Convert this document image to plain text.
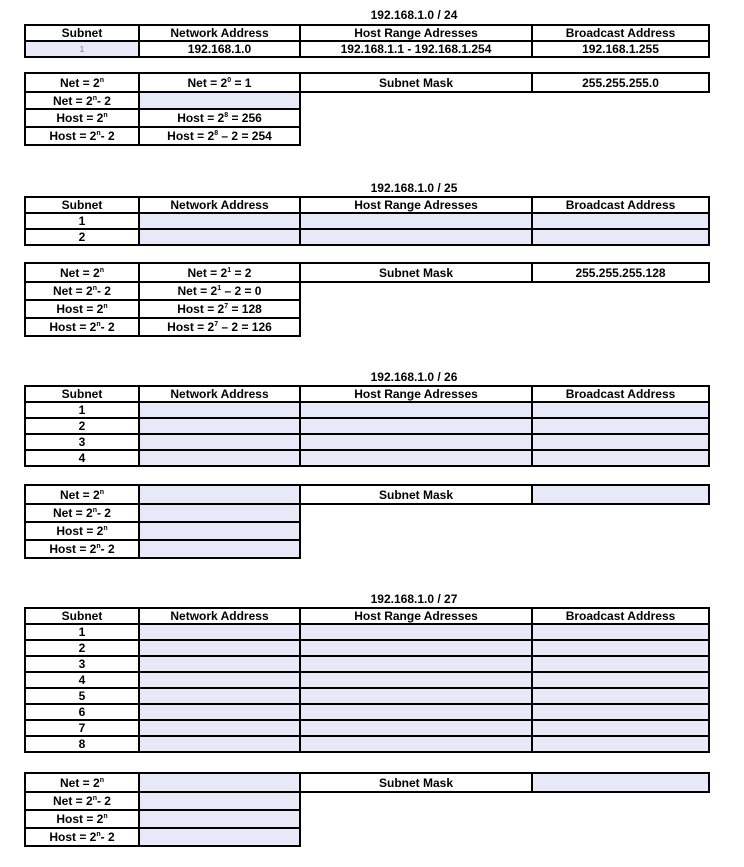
192.168.1.0 / 24
Subnet	Network Address	Host Range Adresses	Broadcast Address
1	192.168.1.0	192.168.1.1 - 192.168.1.254	192.168.1.255
Net = $2^n$	Net = $2^0 = 1$	Subnet Mask	255.255.255.0
Net = $2^n-$ 2			
Host = $2^n$	Host = $2^8 = 256$		
Host = $2^n-$ 2	Host = $2^8 - 2 = 254$		
192.168.1.0 / 25
Subnet	Network Address	Host Range Adresses	Broadcast Address
1			
2			
Net = $2^n$	Net = $2^1 = 2$	Subnet Mask	255.255.255.128
Net = $2^n-$ 2	Net = $2^1 - 2 = 0$		
Host = $2^n$	Host = $2^7 = 128$		
Host = $2^n-$ 2	Host = $2^7 - 2 = 126$		
192.168.1.0 / 26
Subnet	Network Address	Host Range Adresses	Broadcast Address
1			
2			
3			
4			
Net = $2^n$		Subnet Mask	
Net = $2^n-$ 2			
Host = $2^n$			
Host = $2^n-$ 2			
192.168.1.0 / 27
Subnet	Network Address	Host Range Adresses	Broadcast Address
1			
2			
3			
4			
5			
6			
7			
8			
Net = $2^n$		Subnet Mask	
Net = $2^n-$ 2			
Host = $2^n$			
Host = $2^n-$ 2			
